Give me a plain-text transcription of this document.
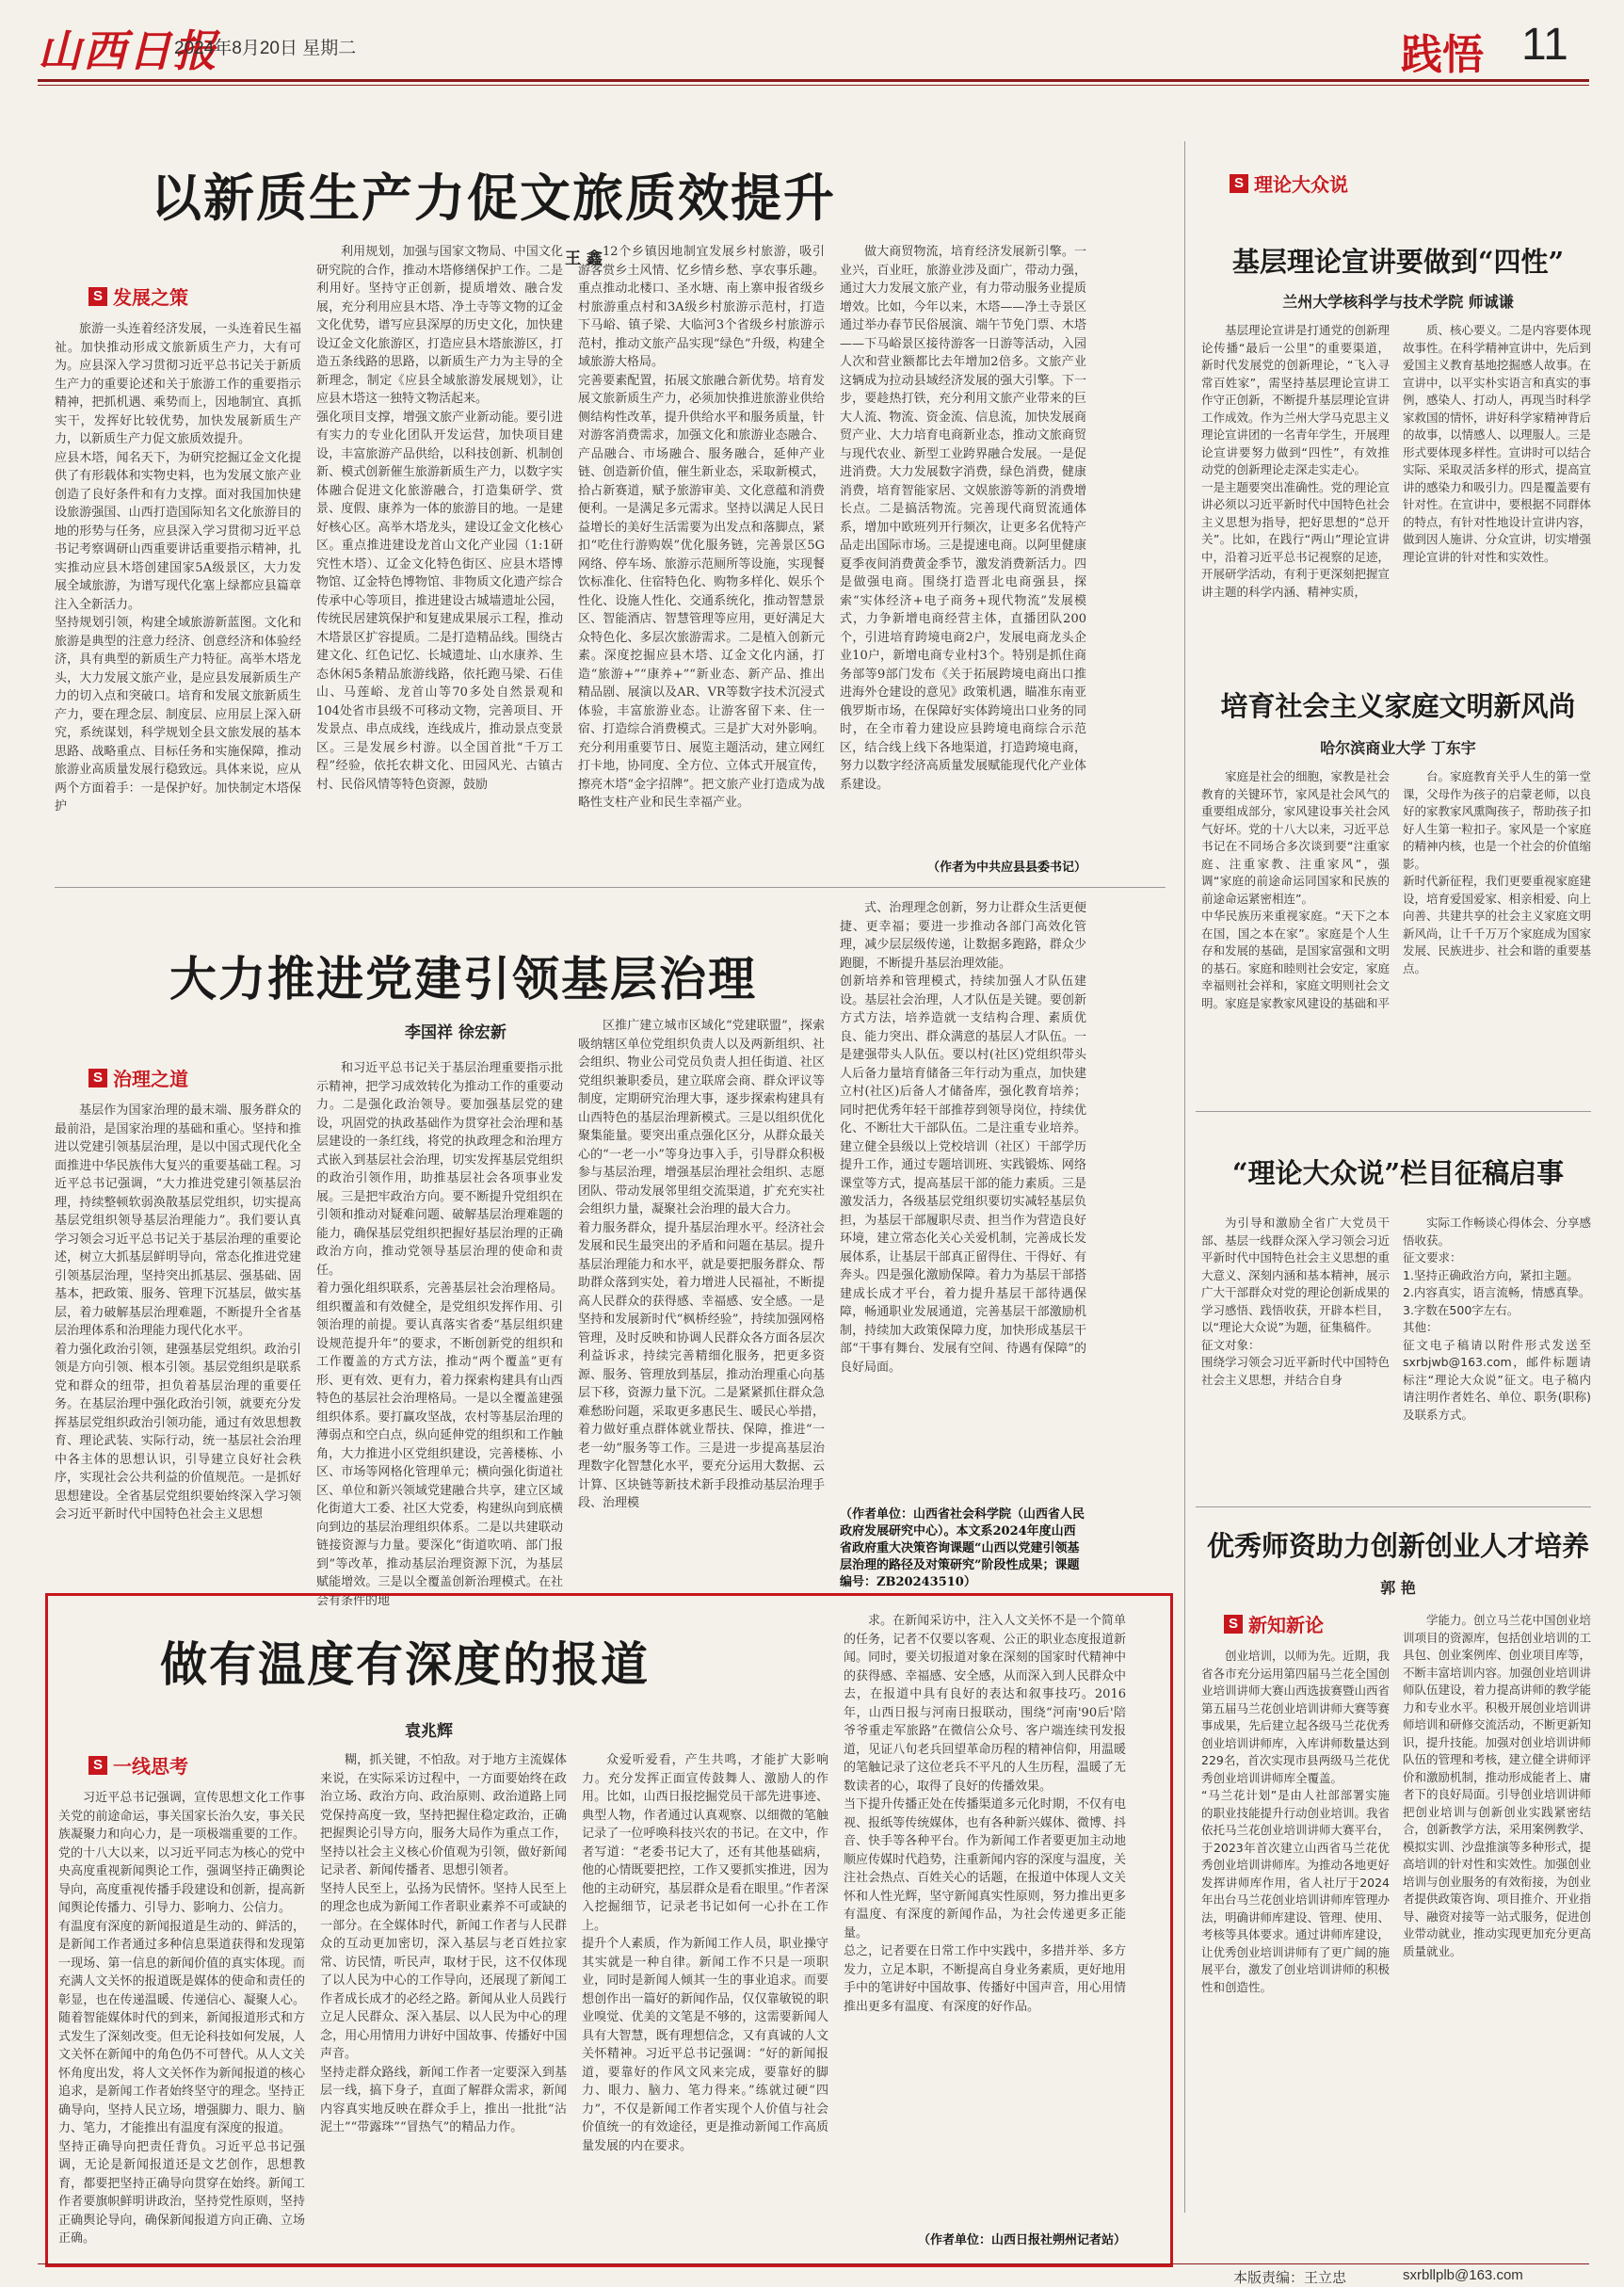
山西日报
2024年8月20日 星期二	践悟 11
以新质生产力促文旅质效提升
王 鑫
S 发展之策

旅游一头连着经济发展，一头连着民生福祉。加快推动形成文旅新质生产力，大有可为。应县深入学习贯彻习近平总书记关于新质生产力的重要论述和关于旅游工作的重要指示精神，把抓机遇、乘势而上，因地制宜、真抓实干，发挥好比较优势，加快发展新质生产力，以新质生产力促文旅质效提升。
应县木塔，闻名天下，为研究挖掘辽金文化提供了有形载体和实物史料，也为发展文旅产业创造了良好条件和有力支撑。面对我国加快建设旅游强国、山西打造国际知名文化旅游目的地的形势与任务，应县深入学习贯彻习近平总书记考察调研山西重要讲话重要指示精神，扎实推动应县木塔创建国家5A级景区，大力发展全域旅游，为谱写现代化塞上绿都应县篇章注入全新活力。
坚持规划引领，构建全域旅游新蓝图。文化和旅游是典型的注意力经济、创意经济和体验经济，具有典型的新质生产力特征。高举木塔龙头，大力发展文旅产业，是应县发展新质生产力的切入点和突破口。培育和发展文旅新质生产力，要在理念层、制度层、应用层上深入研究，系统谋划，科学规划全县文旅发展的基本思路、战略重点、目标任务和实施保障，推动旅游业高质量发展行稳致远。具体来说，应从两个方面着手：一是保护好。加快制定木塔保护

利用规划，加强与国家文物局、中国文化研究院的合作，推动木塔修缮保护工作。二是利用好。坚持守正创新，提质增效、融合发展，充分利用应县木塔、净土寺等文物的辽金文化优势，谱写应县深厚的历史文化，加快建设辽金文化旅游区，打造应县木塔旅游区，打造五条线路的思路，以新质生产力为主导的全新理念，制定《应县全域旅游发展规划》，让应县木塔这一独特文物活起来。
强化项目支撑，增强文旅产业新动能。要引进有实力的专业化团队开发运营，加快项目建设，丰富旅游产品供给，以科技创新、机制创新、模式创新催生旅游新质生产力，以数字实体融合促进文化旅游融合，打造集研学、赏景、度假、康养为一体的旅游目的地。一是建好核心区。高举木塔龙头，建设辽金文化核心区。重点推进建设龙首山文化产业园（1:1研究性木塔）、辽金文化特色街区、应县木塔博物馆、辽金特色博物馆、非物质文化遗产综合传承中心等项目，推进建设古城墙遗址公园，传统民居建筑保护和复建成果展示工程，推动木塔景区扩容提质。二是打造精品线。围绕古建文化、红色记忆、长城遗址、山水康养、生态休闲5条精品旅游线路，依托跑马梁、石佳山、马莲峪、龙首山等70多处自然景观和104处省市县级不可移动文物，完善项目、开发景点、串点成线，连线成片，推动景点变景区。三是发展乡村游。以全国首批“千万工程”经验，依托农耕文化、田园风光、古镇古村、民俗风情等特色资源，鼓励

12个乡镇因地制宜发展乡村旅游，吸引游客赏乡土风情、忆乡情乡愁、享农事乐趣。重点推动北楼口、圣水塘、南上寨申报省级乡村旅游重点村和3A级乡村旅游示范村，打造下马峪、镇子梁、大临河3个省级乡村旅游示范村，推动文旅产品实现“绿色”升级，构建全域旅游大格局。
完善要素配置，拓展文旅融合新优势。培育发展文旅新质生产力，必须加快推进旅游业供给侧结构性改革，提升供给水平和服务质量，针对游客消费需求，加强文化和旅游业态融合、产品融合、市场融合、服务融合，延伸产业链、创造新价值，催生新业态，采取新模式，拾占新赛道，赋予旅游审美、文化意蕴和消费便利。一是满足多元需求。坚持以满足人民日益增长的美好生活需要为出发点和落脚点，紧扣“吃住行游购娱”优化服务链，完善景区5G网络、停车场、旅游示范厕所等设施，实现餐饮标准化、住宿特色化、购物多样化、娱乐个性化、设施人性化、交通系统化，推动智慧景区、智能酒店、智慧管理等应用，更好满足大众特色化、多层次旅游需求。二是植入创新元素。深度挖掘应县木塔、辽金文化内涵，打造“旅游+”“康养+”“新业态、新产品、推出精品剧、展演以及AR、VR等数字技术沉浸式体验，丰富旅游业态。让游客留下来、住一宿、打造综合消费模式。三是扩大对外影响。充分利用重要节日、展览主题活动，建立网红打卡地，协同度、全方位、立体式开展宣传，擦亮木塔“金字招牌”。把文旅产业打造成为战略性支柱产业和民生幸福产业。

做大商贸物流，培育经济发展新引擎。一业兴，百业旺，旅游业涉及面广，带动力强，通过大力发展文旅产业，有力带动服务业提质增效。比如，今年以来，木塔——净土寺景区通过举办春节民俗展演、端午节免门票、木塔——下马峪景区接待游客一日游等活动，入园人次和营业额都比去年增加2倍多。文旅产业这辆成为拉动县域经济发展的强大引擎。下一步，要趁热打铁，充分利用文旅产业带来的巨大人流、物流、资金流、信息流，加快发展商贸产业、大力培育电商新业态，推动文旅商贸与现代农业、新型工业跨界融合发展。一是促进消费。大力发展数字消费，绿色消费，健康消费，培育智能家居、文娱旅游等新的消费增长点。二是搞活物流。完善现代商贸流通体系，增加中欧班列开行频次，让更多名优特产品走出国际市场。三是提速电商。以阿里健康夏季夜间消费黄金季节，激发消费新活力。四是做强电商。围绕打造晋北电商强县，探索“实体经济+电子商务+现代物流”发展模式，力争新增电商经营主体，直播团队200个，引进培育跨境电商2户，发展电商龙头企业10户，新增电商专业村3个。特别是抓住商务部等9部门发布《关于拓展跨境电商出口推进海外仓建设的意见》政策机遇，瞄准东南亚俄罗斯市场，在保障好实体跨境出口业务的同时，在全市着力建设应县跨境电商综合示范区，结合线上线下各地渠道，打造跨境电商，努力以数字经济高质量发展赋能现代化产业体系建设。

（作者为中共应县县委书记）
大力推进党建引领基层治理
李国祥 徐宏新
S 治理之道

基层作为国家治理的最末端、服务群众的最前沿，是国家治理的基础和重心。坚持和推进以党建引领基层治理，是以中国式现代化全面推进中华民族伟大复兴的重要基础工程。习近平总书记强调，“大力推进党建引领基层治理，持续整顿软弱涣散基层党组织，切实提高基层党组织领导基层治理能力”。我们要认真学习领会习近平总书记关于基层治理的重要论述，树立大抓基层鲜明导向，常态化推进党建引领基层治理，坚持突出抓基层、强基础、固基本，把政策、服务、管理下沉基层，做实基层，着力破解基层治理难题，不断提升全省基层治理体系和治理能力现代化水平。
着力强化政治引领，建强基层党组织。政治引领是方向引领、根本引领。基层党组织是联系党和群众的纽带，担负着基层治理的重要任务。在基层治理中强化政治引领，就要充分发挥基层党组织政治引领功能，通过有效思想教育、理论武装、实际行动，统一基层社会治理中各主体的思想认识，引导建立良好社会秩序，实现社会公共利益的价值规范。一是抓好思想建设。全省基层党组织要始终深入学习领会习近平新时代中国特色社会主义思想

和习近平总书记关于基层治理重要指示批示精神，把学习成效转化为推动工作的重要动力。二是强化政治领导。要加强基层党的建设，巩固党的执政基础作为贯穿社会治理和基层建设的一条红线，将党的执政理念和治理方式嵌入到基层社会治理，切实发挥基层党组织的政治引领作用，助推基层社会各项事业发展。三是把牢政治方向。要不断提升党组织在引领和推动对疑难问题、破解基层治理难题的能力，确保基层党组织把握好基层治理的正确政治方向，推动党领导基层治理的使命和责任。
着力强化组织联系，完善基层社会治理格局。组织覆盖和有效健全，是党组织发挥作用、引领治理的前提。要认真落实省委“基层组织建设规范提升年”的要求，不断创新党的组织和工作覆盖的方式方法，推动“两个覆盖”更有形、更有效、更有力，着力探索构建具有山西特色的基层社会治理格局。一是以全覆盖建强组织体系。要打赢攻坚战，农村等基层治理的薄弱点和空白点，纵向延伸党的组织和工作触角，大力推进小区党组织建设，完善楼栋、小区、市场等网格化管理单元；横向强化街道社区、单位和新兴领域党建融合共享，建立区域化街道大工委、社区大党委，构建纵向到底横向到边的基层治理组织体系。二是以共建联动链接资源与力量。要深化“街道吹哨、部门报到”等改革，推动基层治理资源下沉，为基层赋能增效。三是以全覆盖创新治理模式。在社会有条件的地

区推广建立城市区域化“党建联盟”，探索吸纳辖区单位党组织负责人以及两新组织、社会组织、物业公司党员负责人担任街道、社区党组织兼职委员，建立联席会商、群众评议等制度，定期研究治理大事，逐步探索构建具有山西特色的基层治理新模式。三是以组织优化聚集能量。要突出重点强化区分，从群众最关心的“一老一小”等身边事入手，引导群众积极参与基层治理，增强基层治理社会组织、志愿团队、带动发展邻里组交流渠道，扩充充实社会组织力量，凝聚社会治理的最大合力。
着力服务群众，提升基层治理水平。经济社会发展和民生最突出的矛盾和问题在基层。提升基层治理能力和水平，就是要把服务群众、帮助群众落到实处，着力增进人民福祉，不断提高人民群众的获得感、幸福感、安全感。一是坚持和发展新时代“枫桥经验”，持续加强网格管理，及时反映和协调人民群众各方面各层次利益诉求，持续完善精细化服务，把更多资源、服务、管理放到基层，推动治理重心向基层下移，资源力量下沉。二是紧紧抓住群众急难愁盼问题，采取更多惠民生、暖民心举措，着力做好重点群体就业帮扶、保障，推进“一老一幼”服务等工作。三是进一步提高基层治理数字化智慧化水平，要充分运用大数据、云计算、区块链等新技术新手段推动基层治理手段、治理模

式、治理理念创新，努力让群众生活更便捷、更幸福；要进一步推动各部门高效化管理，减少层层级传递，让数据多跑路，群众少跑腿，不断提升基层治理效能。
创新培养和管理模式，持续加强人才队伍建设。基层社会治理，人才队伍是关键。要创新方式方法，培养造就一支结构合理、素质优良、能力突出、群众满意的基层人才队伍。一是建强带头人队伍。要以村(社区)党组织带头人后备力量培育储备三年行动为重点，加快建立村(社区)后备人才储备库，强化教育培养；同时把优秀年轻干部推荐到领导岗位，持续优化、不断壮大干部队伍。二是注重专业培养。建立健全县级以上党校培训（社区）干部学历提升工作，通过专题培训班、实践锻炼、网络课堂等方式，提高基层干部的能力素质。三是激发活力，各级基层党组织要切实减轻基层负担，为基层干部履职尽责、担当作为营造良好环境，建立常态化关心关爱机制，完善成长发展体系，让基层干部真正留得住、干得好、有奔头。四是强化激励保障。着力为基层干部搭建成长成才平台，着力提升基层干部待遇保障，畅通职业发展通道，完善基层干部激励机制，持续加大政策保障力度，加快形成基层干部“干事有舞台、发展有空间、待遇有保障”的良好局面。

（作者单位：山西省社会科学院（山西省人民政府发展研究中心）。本文系2024年度山西省政府重大决策咨询课题“山西以党建引领基层治理的路径及对策研究”阶段性成果；课题编号：ZB20243510）
做有温度有深度的报道
袁兆辉
S 一线思考

习近平总书记强调，宣传思想文化工作事关党的前途命运，事关国家长治久安，事关民族凝聚力和向心力，是一项极端重要的工作。党的十八大以来，以习近平同志为核心的党中央高度重视新闻舆论工作，强调坚持正确舆论导向，高度重视传播手段建设和创新，提高新闻舆论传播力、引导力、影响力、公信力。
有温度有深度的新闻报道是生动的、鲜活的，是新闻工作者通过多种信息渠道获得和发现第一现场、第一信息的新闻价值的真实体现。而充满人文关怀的报道既是媒体的使命和责任的彰显，也在传递温暖、传递信心、凝聚人心。随着智能媒体时代的到来，新闻报道形式和方式发生了深刻改变。但无论科技如何发展，人文关怀在新闻中的角色仍不可替代。从人文关怀角度出发，将人文关怀作为新闻报道的核心追求，是新闻工作者始终坚守的理念。坚持正确导向，坚持人民立场，增强脚力、眼力、脑力、笔力，才能推出有温度有深度的报道。
坚持正确导向把责任背负。习近平总书记强调，无论是新闻报道还是文艺创作，思想教育，都要把坚持正确导向贯穿在始终。新闻工作者要旗帜鲜明讲政治，坚持党性原则，坚持正确舆论导向，确保新闻报道方向正确、立场正确。

糊，抓关键，不怕敌。对于地方主流媒体来说，在实际采访过程中，一方面要始终在政治立场、政治方向、政治原则、政治道路上同党保持高度一致，坚持把握住稳定政治，正确把握舆论引导方向，服务大局作为重点工作，坚持以社会主义核心价值观为引领，做好新闻记录者、新闻传播者、思想引领者。
坚持人民至上，弘扬为民情怀。坚持人民至上的理念也成为新闻工作者职业素养不可或缺的一部分。在全媒体时代，新闻工作者与人民群众的互动更加密切，深入基层与老百姓拉家常、访民情，听民声，取材于民，这不仅体现了以人民为中心的工作导向，还展现了新闻工作者成长成才的必经之路。新闻从业人员践行立足人民群众、深入基层、以人民为中心的理念，用心用情用力讲好中国故事、传播好中国声音。
坚持走群众路线，新闻工作者一定要深入到基层一线，搞下身子，直面了解群众需求，新闻内容真实地反映在群众手上，推出一批批“沾泥土”“带露珠”“冒热气”的精品力作。

众爱听爱看，产生共鸣，才能扩大影响力。充分发挥正面宣传鼓舞人、激励人的作用。比如，山西日报挖掘党员干部先进事迹、典型人物，作者通过认真观察、以细微的笔触记录了一位呼唤科技兴农的书记。在文中，作者写道：“老委书记大了，还有其他基础病，他的心情既要把控，工作又要抓实推进，因为他的主动研究，基层群众是看在眼里。”作者深入挖掘细节，记录老书记如何一心扑在工作上。
提升个人素质，作为新闻工作人员，职业操守其实就是一种自律。新闻工作不只是一项职业，同时是新闻人倾其一生的事业追求。而要想创作出一篇好的新闻作品，仅仅靠敏锐的职业嗅觉、优美的文笔是不够的，这需要新闻人具有大智慧，既有理想信念，又有真诚的人文关怀精神。习近平总书记强调：“好的新闻报道，要靠好的作风文风来完成，要靠好的脚力、眼力、脑力、笔力得来。”练就过硬“四力”，不仅是新闻工作者实现个人价值与社会价值统一的有效途径，更是推动新闻工作高质量发展的内在要求。

求。在新闻采访中，注入人文关怀不是一个简单的任务，记者不仅要以客观、公正的职业态度报道新闻。同时，要关切报道对象在深刻的国家时代精神中的获得感、幸福感、安全感，从而深入到人民群众中去，在报道中具有良好的表达和叙事技巧。2016年，山西日报与河南日报联动，围绕“河南'90后'陪爷爷重走军旅路”在微信公众号、客户端连续刊发报道，见证八旬老兵回望革命历程的精神信仰，用温暖的笔触记录了这位老兵不平凡的人生历程，温暖了无数读者的心，取得了良好的传播效果。
当下提升传播正处在传播渠道多元化时期，不仅有电视、报纸等传统媒体，也有各种新兴媒体、微博、抖音、快手等各种平台。作为新闻工作者要更加主动地顺应传媒时代趋势，注重新闻内容的深度与温度，关注社会热点、百姓关心的话题，在报道中体现人文关怀和人性光辉，坚守新闻真实性原则，努力推出更多有温度、有深度的新闻作品，为社会传递更多正能量。
总之，记者要在日常工作中实践中，多措并举、多方发力，立足本职，不断提高自身业务素质，更好地用手中的笔讲好中国故事、传播好中国声音，用心用情推出更多有温度、有深度的好作品。

（作者单位：山西日报社朔州记者站）
S 理论大众说
基层理论宣讲要做到“四性”
兰州大学核科学与技术学院 师诚谦

基层理论宣讲是打通党的创新理论传播“最后一公里”的重要渠道，新时代发展党的创新理论，“飞入寻常百姓家”，需坚持基层理论宣讲工作守正创新，不断提升基层理论宣讲工作成效。作为兰州大学马克思主义理论宣讲团的一名青年学生，开展理论宣讲要努力做到“四性”，有效推动党的创新理论走深走实走心。
一是主题要突出准确性。党的理论宣讲必须以习近平新时代中国特色社会主义思想为指导，把好思想的“总开关”。比如，在践行“两山”理论宣讲中，沿着习近平总书记视察的足迹，开展研学活动，有利于更深刻把握宣讲主题的科学内涵、精神实质，

质、核心要义。二是内容要体现故事性。在科学精神宣讲中，先后到爱国主义教育基地挖掘感人故事。在宣讲中，以平实朴实语言和真实的事例，感染人、打动人，再现当时科学家救国的情怀，讲好科学家精神背后的故事，以情感人、以理服人。三是形式要体现多样性。宣讲时可以结合实际、采取灵活多样的形式，提高宣讲的感染力和吸引力。四是覆盖要有针对性。在宣讲中，要根据不同群体的特点，有针对性地设计宣讲内容，做到因人施讲、分众宣讲，切实增强理论宣讲的针对性和实效性。

培育社会主义家庭文明新风尚
哈尔滨商业大学 丁东宇

家庭是社会的细胞，家教是社会教育的关键环节，家风是社会风气的重要组成部分，家风建设事关社会风气好坏。党的十八大以来，习近平总书记在不同场合多次谈到要“注重家庭、注重家教、注重家风”，强调“家庭的前途命运同国家和民族的前途命运紧密相连”。
中华民族历来重视家庭。“天下之本在国，国之本在家”。家庭是个人生存和发展的基础，是国家富强和文明的基石。家庭和睦则社会安定，家庭幸福则社会祥和，家庭文明则社会文明。家庭是家教家风建设的基础和平

台。家庭教育关乎人生的第一堂课，父母作为孩子的启蒙老师，以良好的家教家风熏陶孩子，帮助孩子扣好人生第一粒扣子。家风是一个家庭的精神内核，也是一个社会的价值缩影。
新时代新征程，我们更要重视家庭建设，培育爱国爱家、相亲相爱、向上向善、共建共享的社会主义家庭文明新风尚，让千千万万个家庭成为国家发展、民族进步、社会和谐的重要基点。

“理论大众说”栏目征稿启事

为引导和激励全省广大党员干部、基层一线群众深入学习领会习近平新时代中国特色社会主义思想的重大意义、深刻内涵和基本精神，展示广大干部群众对党的理论创新成果的学习感悟、践悟收获，开辟本栏目，以“理论大众说”为题，征集稿件。
征文对象：
围绕学习领会习近平新时代中国特色社会主义思想，并结合自身

实际工作畅谈心得体会、分享感悟收获。
征文要求：
1.坚持正确政治方向，紧扣主题。
2.内容真实，语言流畅，情感真挚。
3.字数在500字左右。
其他：
征文电子稿请以附件形式发送至 sxrbjwb@163.com，邮件标题请标注“理论大众说”征文。电子稿内请注明作者姓名、单位、职务(职称)及联系方式。

优秀师资助力创新创业人才培养
郭 艳
S 新知新论

创业培训，以师为先。近期，我省各市充分运用第四届马兰花全国创业培训讲师大赛山西选拔赛暨山西省第五届马兰花创业培训讲师大赛等赛事成果，先后建立起各级马兰花优秀创业培训讲师库，入库讲师数量达到229名，首次实现市县两级马兰花优秀创业培训讲师库全覆盖。
“马兰花计划”是由人社部部署实施的职业技能提升行动创业培训。我省依托马兰花创业培训讲师大赛平台，于2023年首次建立山西省马兰花优秀创业培训讲师库。为推动各地更好发挥讲师库作用，省人社厅于2024年出台马兰花创业培训讲师库管理办法，明确讲师库建设、管理、使用、考核等具体要求。通过讲师库建设，让优秀创业培训讲师有了更广阔的施展平台，激发了创业培训讲师的积极性和创造性。

学能力。创立马兰花中国创业培训项目的资源库，包括创业培训的工具包、创业案例库、创业项目库等，不断丰富培训内容。加强创业培训讲师队伍建设，着力提高讲师的教学能力和专业水平。积极开展创业培训讲师培训和研修交流活动，不断更新知识，提升技能。加强对创业培训讲师队伍的管理和考核，建立健全讲师评价和激励机制，推动形成能者上、庸者下的良好局面。引导创业培训讲师把创业培训与创新创业实践紧密结合，创新教学方法，采用案例教学、模拟实训、沙盘推演等多种形式，提高培训的针对性和实效性。加强创业培训与创业服务的有效衔接，为创业者提供政策咨询、项目推介、开业指导、融资对接等一站式服务，促进创业带动就业，推动实现更加充分更高质量就业。

本版责编：王立忠	sxrbllplb@163.com
